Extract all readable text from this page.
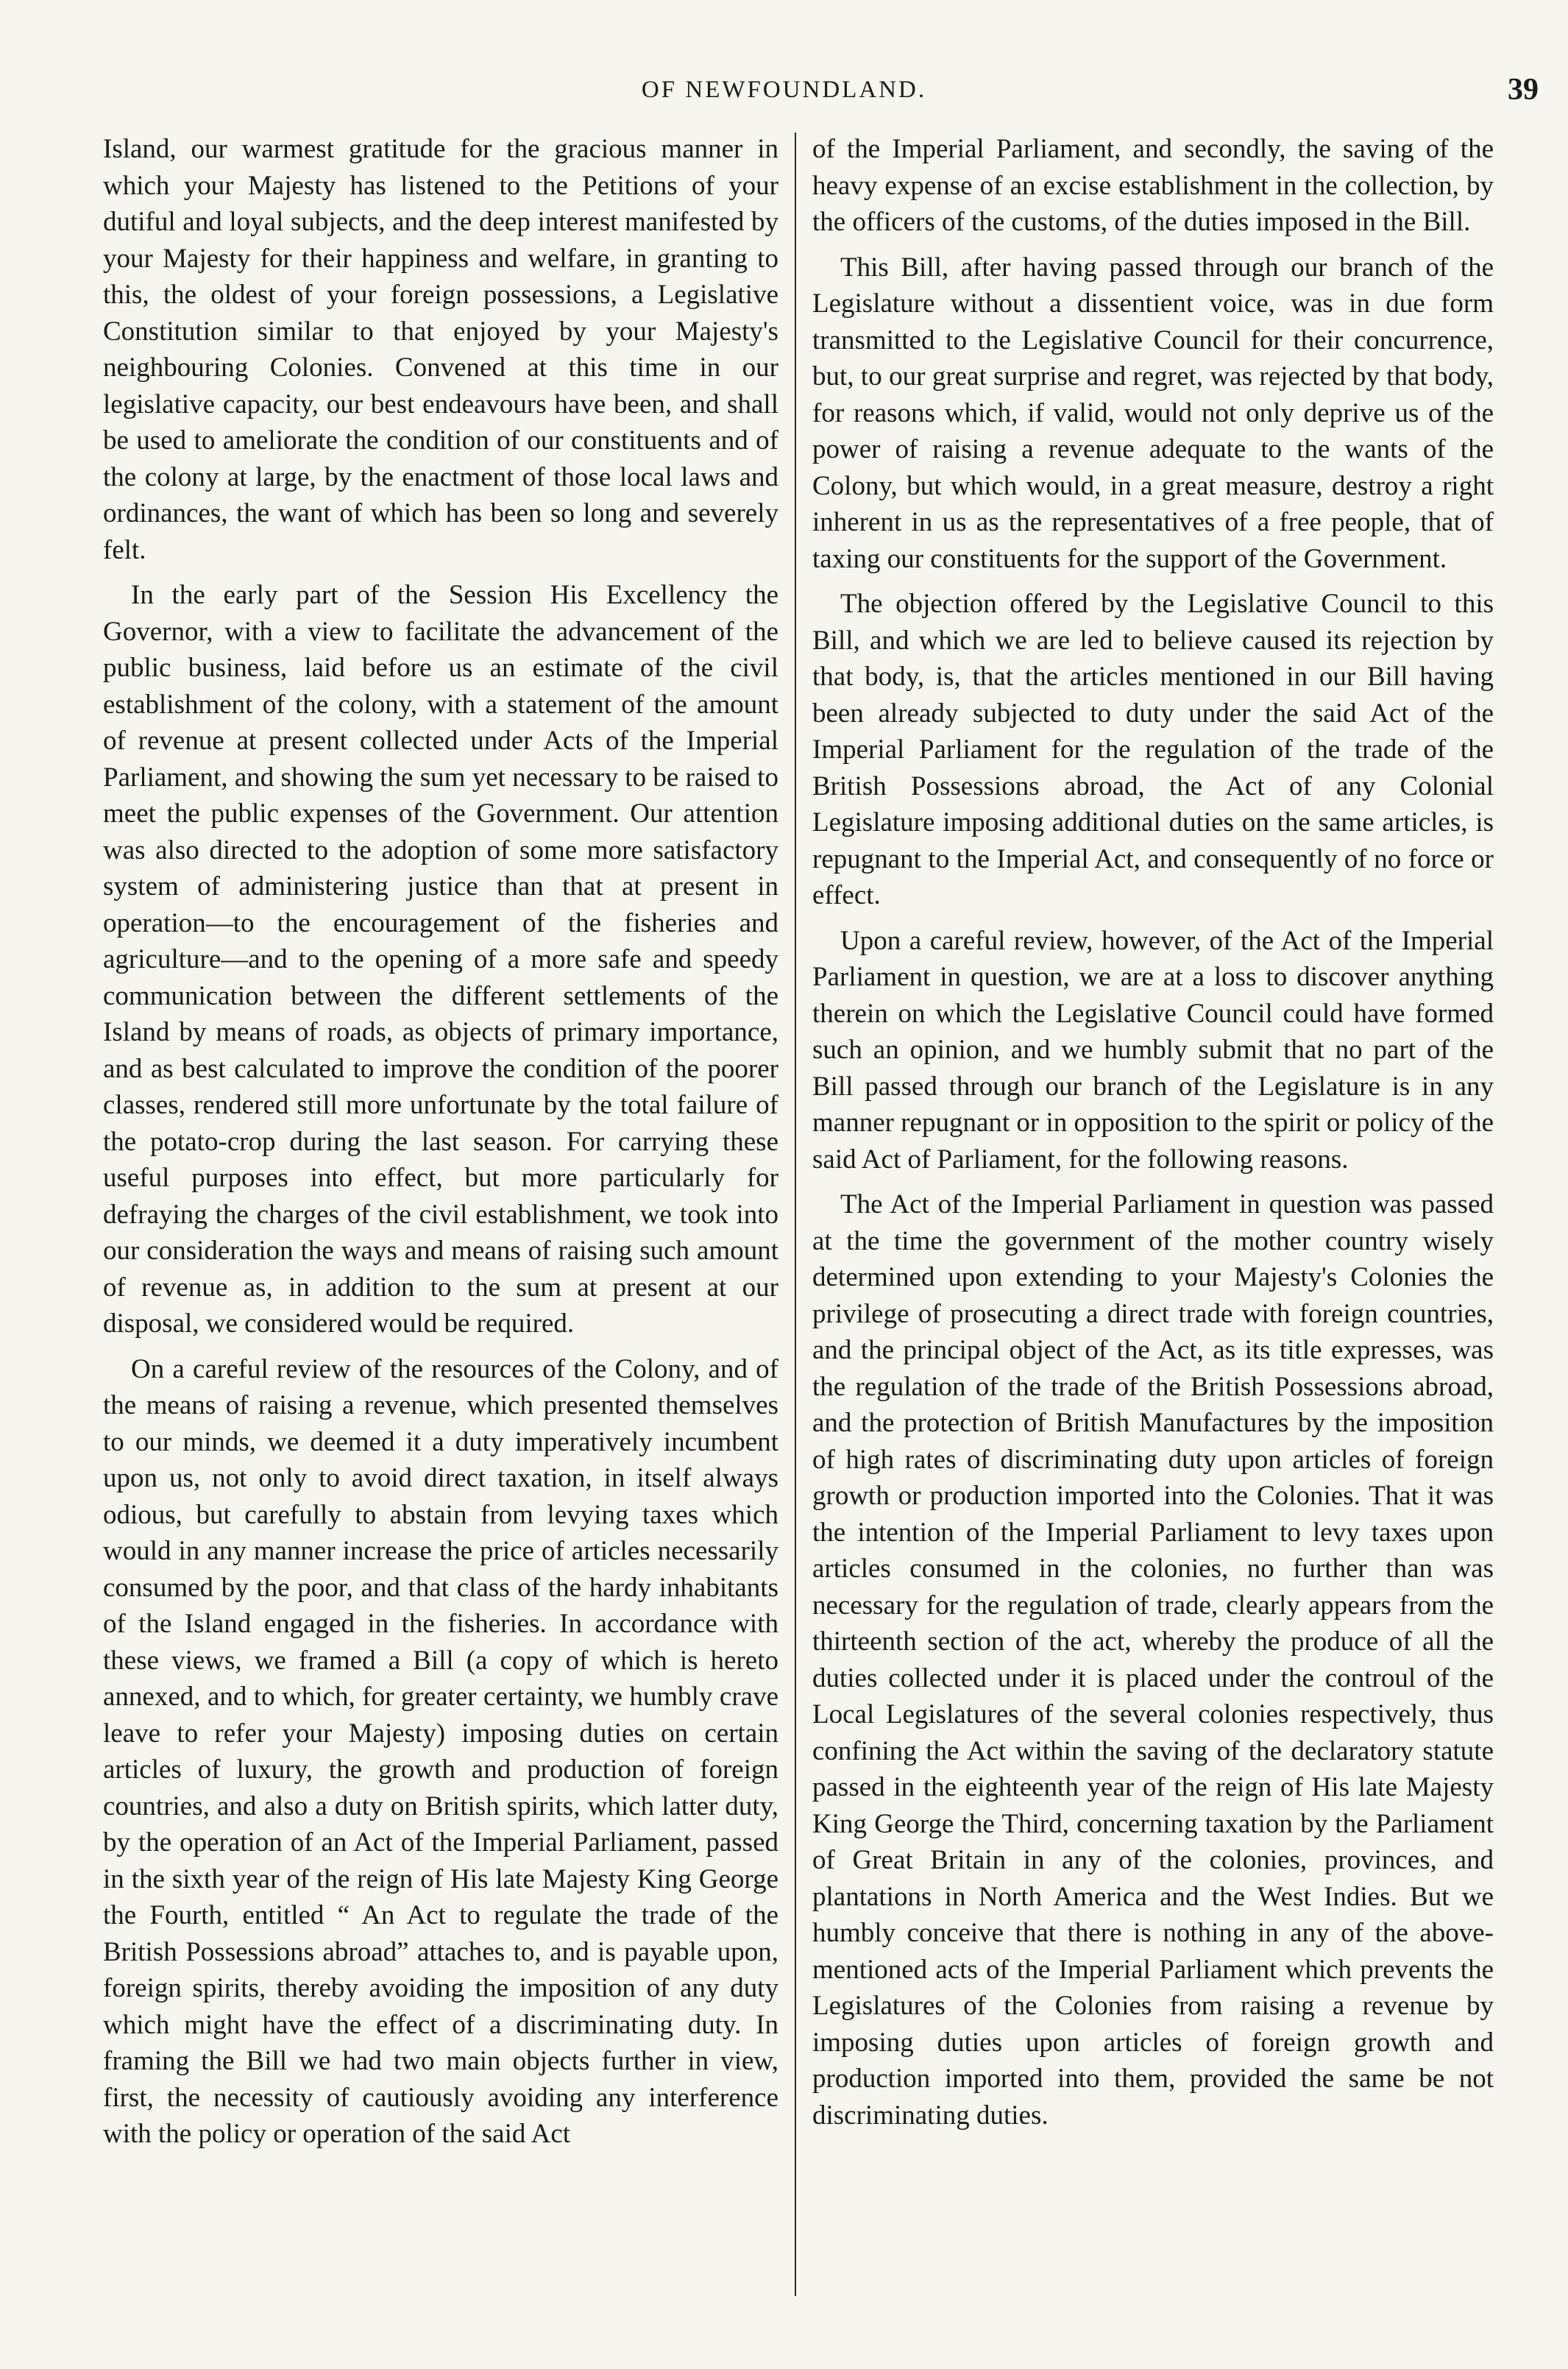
OF NEWFOUNDLAND.	39

Island, our warmest gratitude for the gracious manner in which your Majesty has listened to the Petitions of your dutiful and loyal subjects, and the deep interest manifested by your Majesty for their happiness and welfare, in granting to this, the oldest of your foreign possessions, a Legislative Constitution similar to that enjoyed by your Majesty's neighbouring Colonies. Convened at this time in our legislative capacity, our best endeavours have been, and shall be used to ameliorate the condition of our constituents and of the colony at large, by the enactment of those local laws and ordinances, the want of which has been so long and severely felt.

In the early part of the Session His Excellency the Governor, with a view to facilitate the advancement of the public business, laid before us an estimate of the civil establishment of the colony, with a statement of the amount of revenue at present collected under Acts of the Imperial Parliament, and showing the sum yet necessary to be raised to meet the public expenses of the Government. Our attention was also directed to the adoption of some more satisfactory system of administering justice than that at present in operation—to the encouragement of the fisheries and agriculture—and to the opening of a more safe and speedy communication between the different settlements of the Island by means of roads, as objects of primary importance, and as best calculated to improve the condition of the poorer classes, rendered still more unfortunate by the total failure of the potato-crop during the last season. For carrying these useful purposes into effect, but more particularly for defraying the charges of the civil establishment, we took into our consideration the ways and means of raising such amount of revenue as, in addition to the sum at present at our disposal, we considered would be required.

On a careful review of the resources of the Colony, and of the means of raising a revenue, which presented themselves to our minds, we deemed it a duty imperatively incumbent upon us, not only to avoid direct taxation, in itself always odious, but carefully to abstain from levying taxes which would in any manner increase the price of articles necessarily consumed by the poor, and that class of the hardy inhabitants of the Island engaged in the fisheries. In accordance with these views, we framed a Bill (a copy of which is hereto annexed, and to which, for greater certainty, we humbly crave leave to refer your Majesty) imposing duties on certain articles of luxury, the growth and production of foreign countries, and also a duty on British spirits, which latter duty, by the operation of an Act of the Imperial Parliament, passed in the sixth year of the reign of His late Majesty King George the Fourth, entitled “ An Act to regulate the trade of the British Possessions abroad” attaches to, and is payable upon, foreign spirits, thereby avoiding the imposition of any duty which might have the effect of a discriminating duty. In framing the Bill we had two main objects further in view, first, the necessity of cautiously avoiding any interference with the policy or operation of the said Act

of the Imperial Parliament, and secondly, the saving of the heavy expense of an excise establishment in the collection, by the officers of the customs, of the duties imposed in the Bill.

This Bill, after having passed through our branch of the Legislature without a dissentient voice, was in due form transmitted to the Legislative Council for their concurrence, but, to our great surprise and regret, was rejected by that body, for reasons which, if valid, would not only deprive us of the power of raising a revenue adequate to the wants of the Colony, but which would, in a great measure, destroy a right inherent in us as the representatives of a free people, that of taxing our constituents for the support of the Government.

The objection offered by the Legislative Council to this Bill, and which we are led to believe caused its rejection by that body, is, that the articles mentioned in our Bill having been already subjected to duty under the said Act of the Imperial Parliament for the regulation of the trade of the British Possessions abroad, the Act of any Colonial Legislature imposing additional duties on the same articles, is repugnant to the Imperial Act, and consequently of no force or effect.

Upon a careful review, however, of the Act of the Imperial Parliament in question, we are at a loss to discover anything therein on which the Legislative Council could have formed such an opinion, and we humbly submit that no part of the Bill passed through our branch of the Legislature is in any manner repugnant or in opposition to the spirit or policy of the said Act of Parliament, for the following reasons.

The Act of the Imperial Parliament in question was passed at the time the government of the mother country wisely determined upon extending to your Majesty's Colonies the privilege of prosecuting a direct trade with foreign countries, and the principal object of the Act, as its title expresses, was the regulation of the trade of the British Possessions abroad, and the protection of British Manufactures by the imposition of high rates of discriminating duty upon articles of foreign growth or production imported into the Colonies. That it was the intention of the Imperial Parliament to levy taxes upon articles consumed in the colonies, no further than was necessary for the regulation of trade, clearly appears from the thirteenth section of the act, whereby the produce of all the duties collected under it is placed under the controul of the Local Legislatures of the several colonies respectively, thus confining the Act within the saving of the declaratory statute passed in the eighteenth year of the reign of His late Majesty King George the Third, concerning taxation by the Parliament of Great Britain in any of the colonies, provinces, and plantations in North America and the West Indies. But we humbly conceive that there is nothing in any of the above-mentioned acts of the Imperial Parliament which prevents the Legislatures of the Colonies from raising a revenue by imposing duties upon articles of foreign growth and production imported into them, provided the same be not discriminating duties.
